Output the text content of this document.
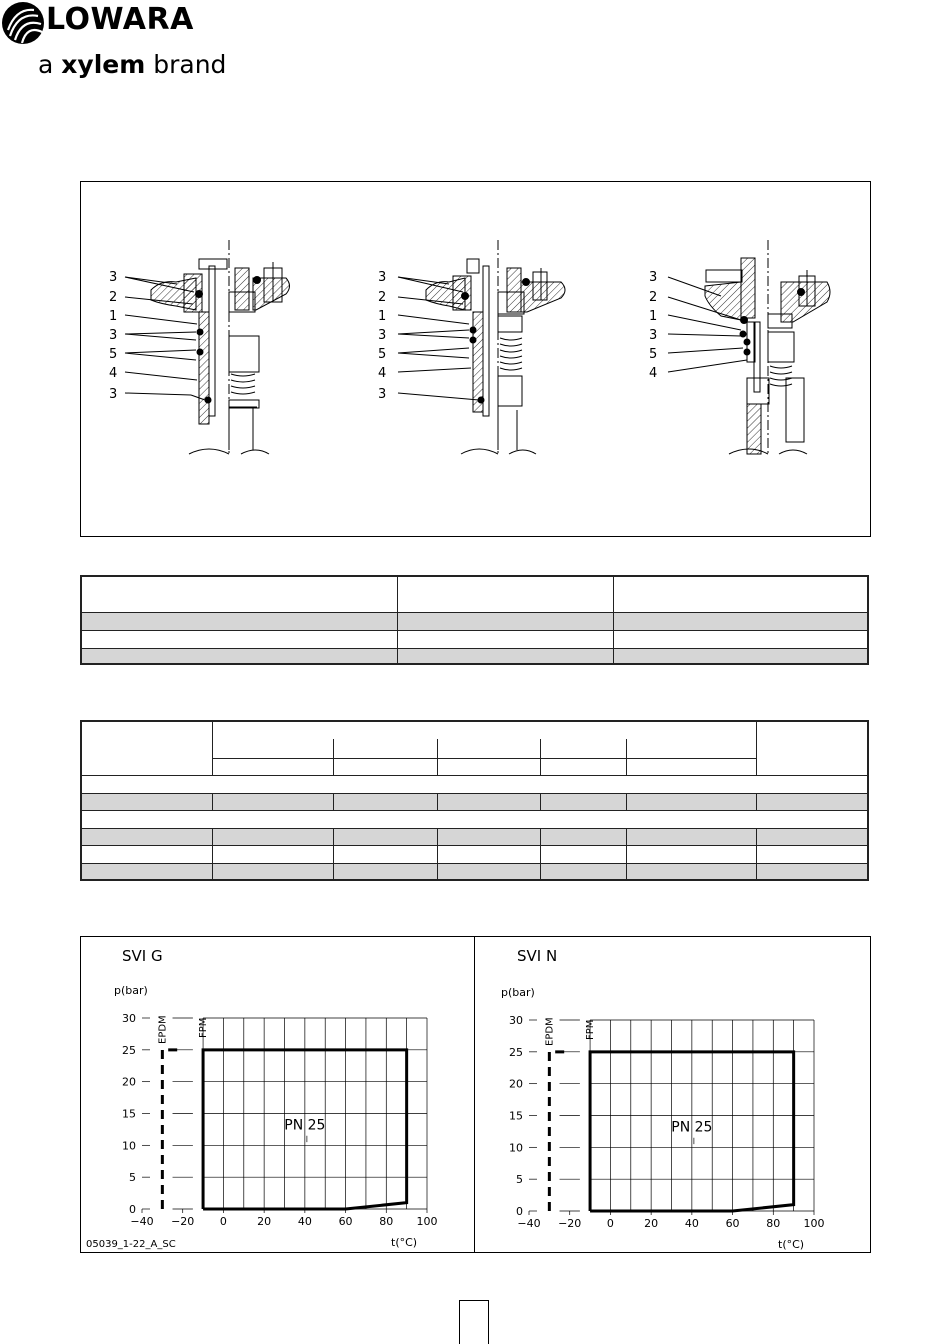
LOWARA
a xylem brand
3
2
1
3
5
4
3
3
2
1
3
5
4
3
3
2
1
3
5
4

SVI G
p(bar)
t(°C)
05039_1-22_A_SC
0
5
10
15
20
25
30
−40 −20 0	20 40 60 80 100
EPDM	FPM
PN 25
SVI N
p(bar)
t(°C)
0
5
10
15
20
25
30
−40 −20 0	20 40 60 80 100
EPDM	FPM
PN 25
